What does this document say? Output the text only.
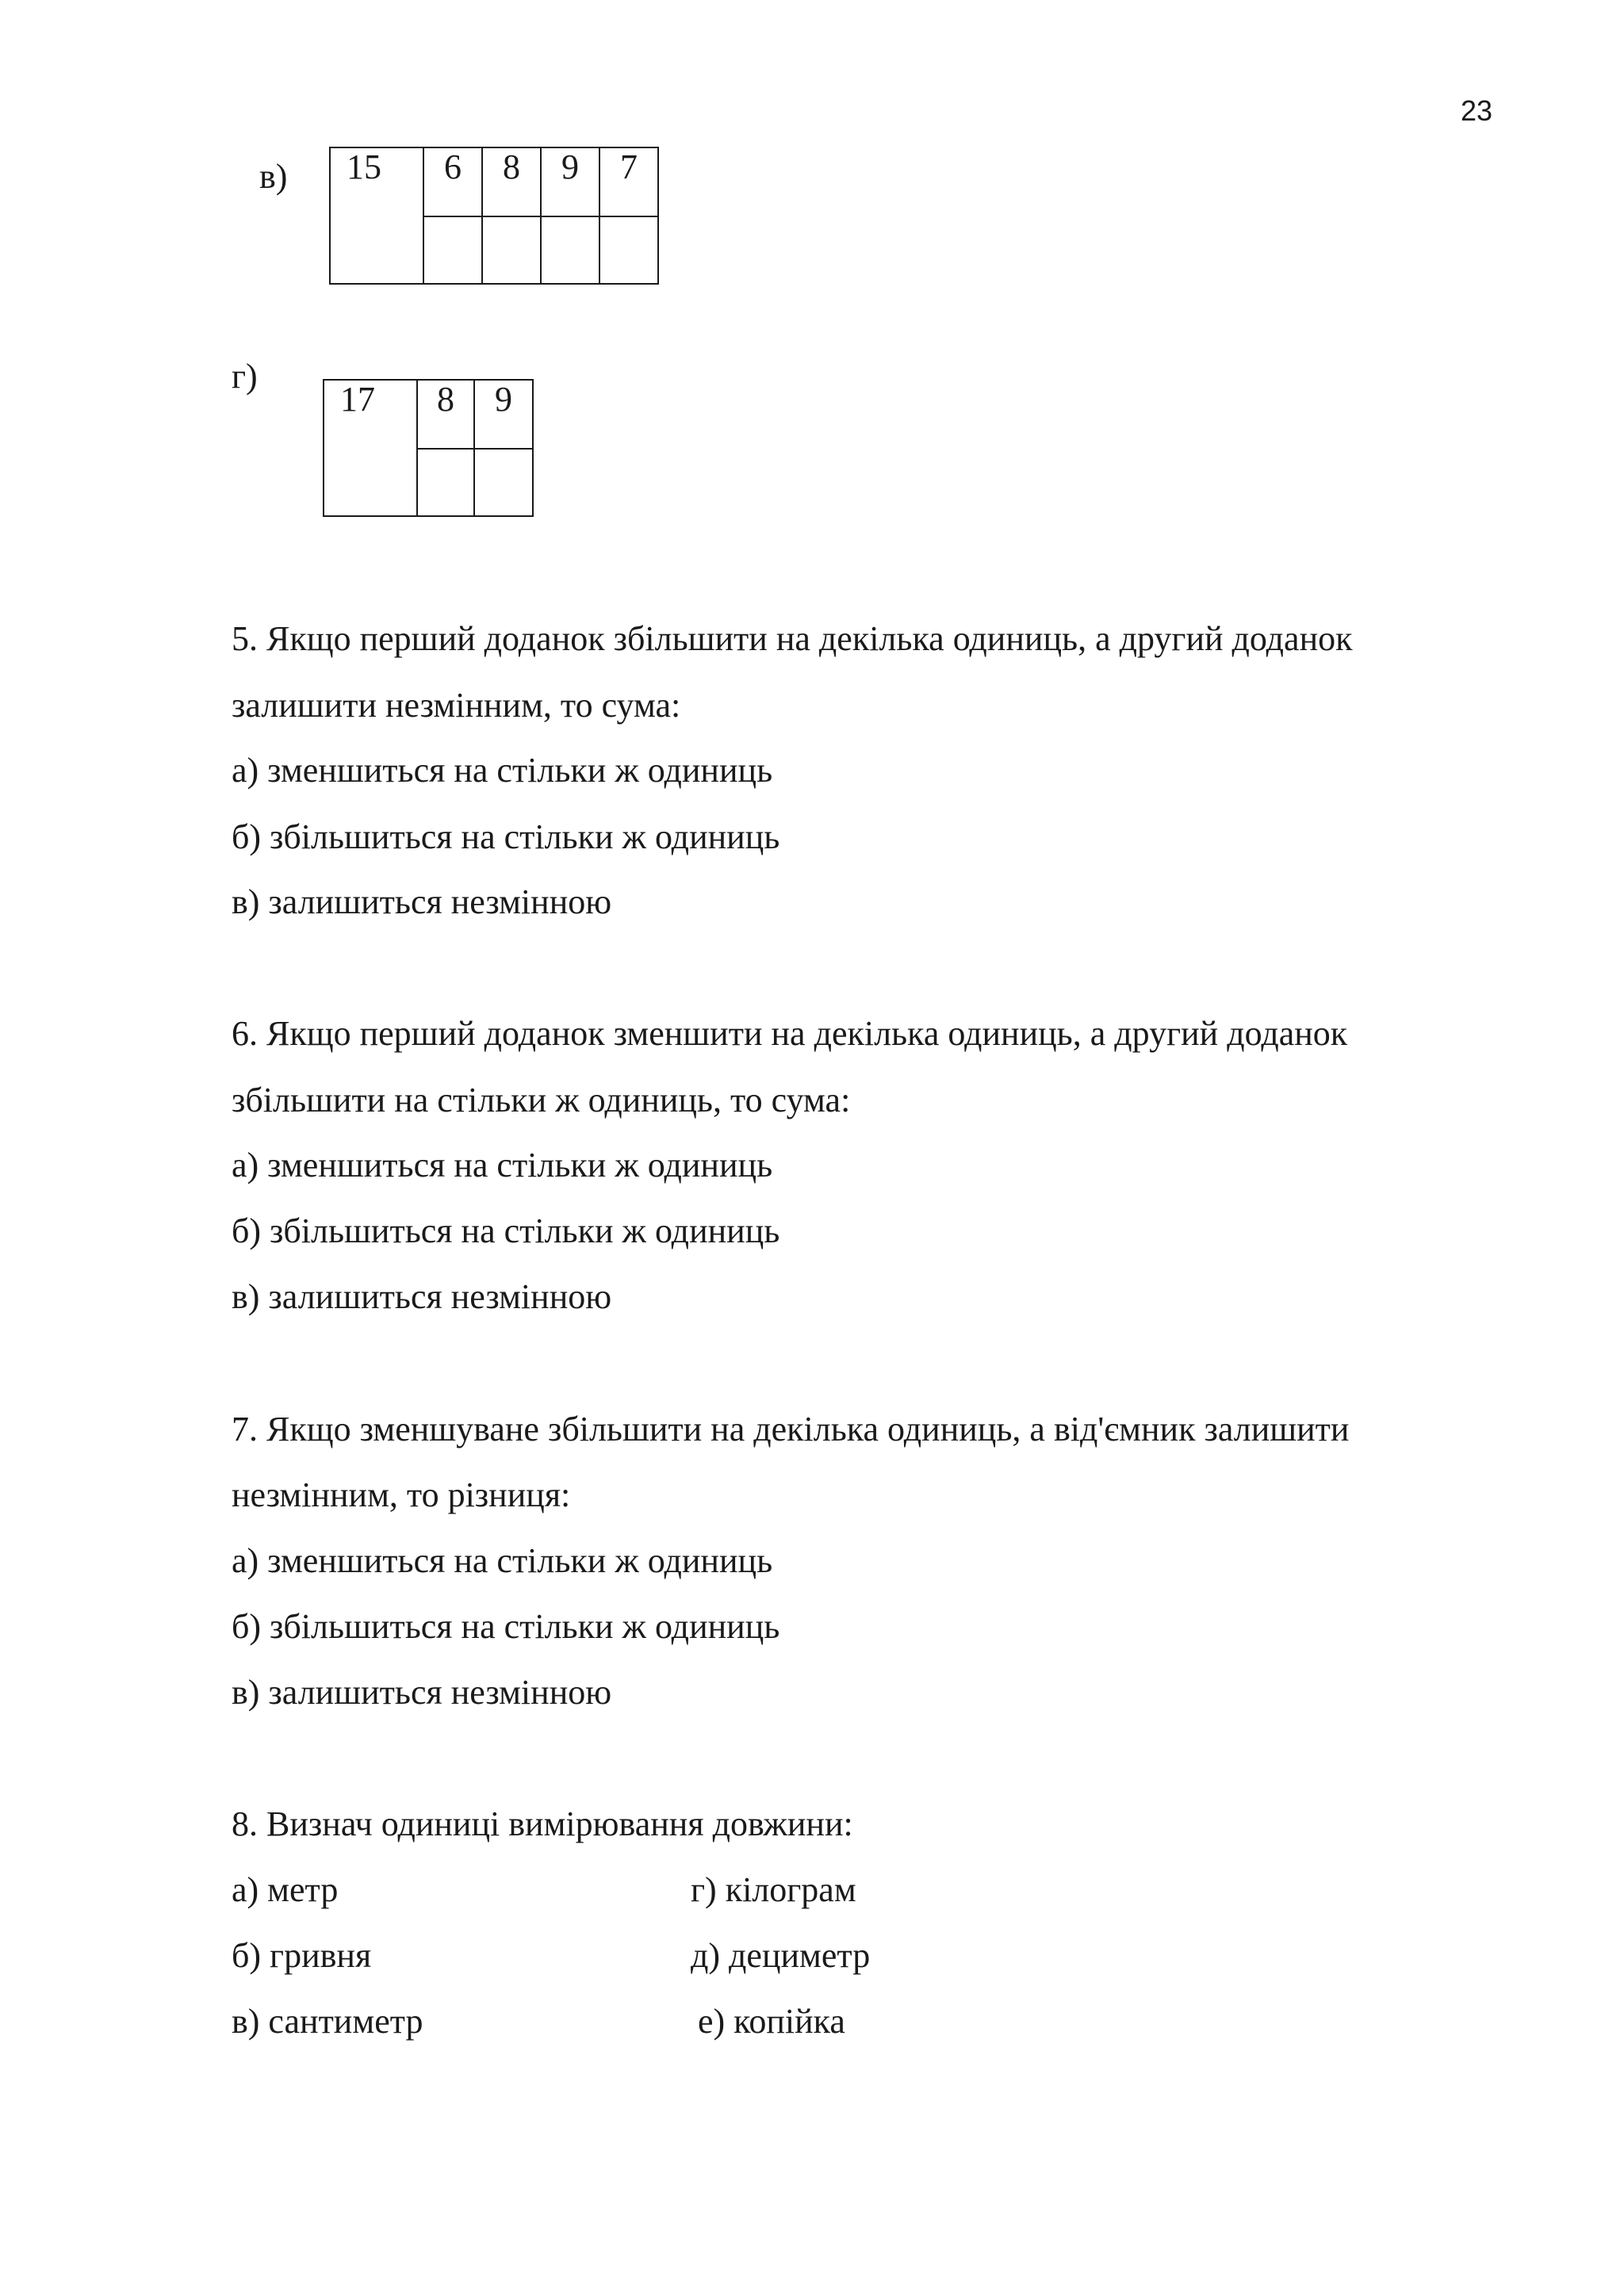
23
в) 15	6	8	9	7

г)
17	8	9

5. Якщо перший доданок збільшити на декілька одиниць, а другий доданок
залишити незмінним, то сума:
а) зменшиться на стільки ж одиниць
б) збільшиться на стільки ж одиниць
в) залишиться незмінною
6. Якщо перший доданок зменшити на декілька одиниць, а другий доданок
збільшити на стільки ж одиниць, то сума:
а) зменшиться на стільки ж одиниць
б) збільшиться на стільки ж одиниць
в) залишиться незмінною
7. Якщо зменшуване збільшити на декілька одиниць, а від'ємник залишити
незмінним, то різниця:
а) зменшиться на стільки ж одиниць
б) збільшиться на стільки ж одиниць
в) залишиться незмінною
8. Визнач одиниці вимірювання довжини:
а) метр
б) гривня
в) сантиметр
г) кілограм
д) дециметр
е) копійка
